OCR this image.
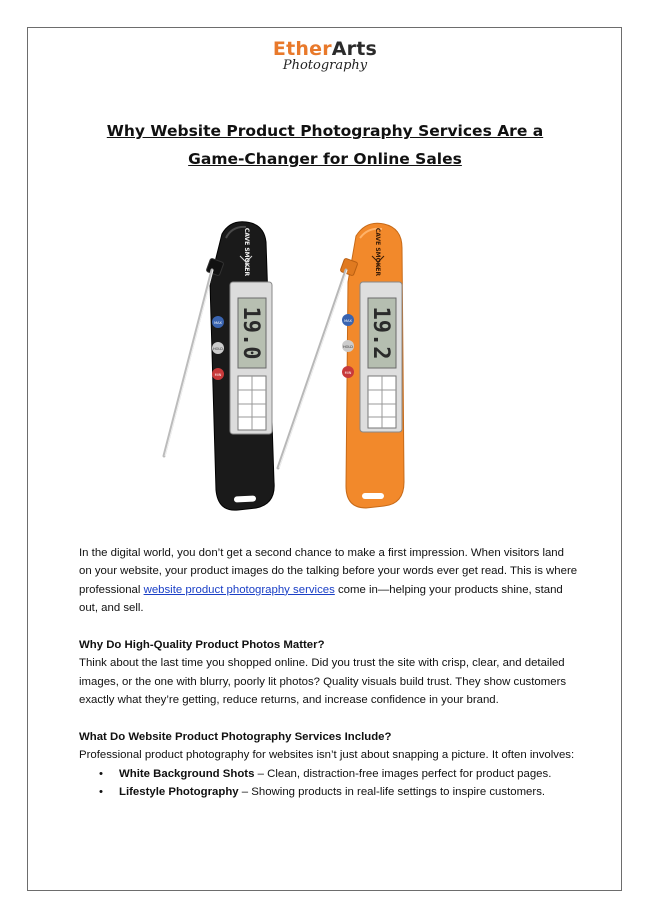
EtherArts
Photography
Why Website Product Photography Services Are a
Game-Changer for Online Sales
CAVE SMOKER
19.0
MAX
HOLD
MIN
CAVE SMOKER
19.2
MAX
HOLD
MIN

In the digital world, you don’t get a second chance to make a first impression. When visitors land on your website, your product images do the talking before your words ever get read. This is where professional website product photography services come in—helping your products shine, stand out, and sell.

Why Do High-Quality Product Photos Matter?

Think about the last time you shopped online. Did you trust the site with crisp, clear, and detailed images, or the one with blurry, poorly lit photos? Quality visuals build trust. They show customers exactly what they’re getting, reduce returns, and increase confidence in your brand.

What Do Website Product Photography Services Include?

Professional product photography for websites isn’t just about snapping a picture. It often involves:

• White Background Shots – Clean, distraction-free images perfect for product pages.
• Lifestyle Photography – Showing products in real-life settings to inspire customers.
